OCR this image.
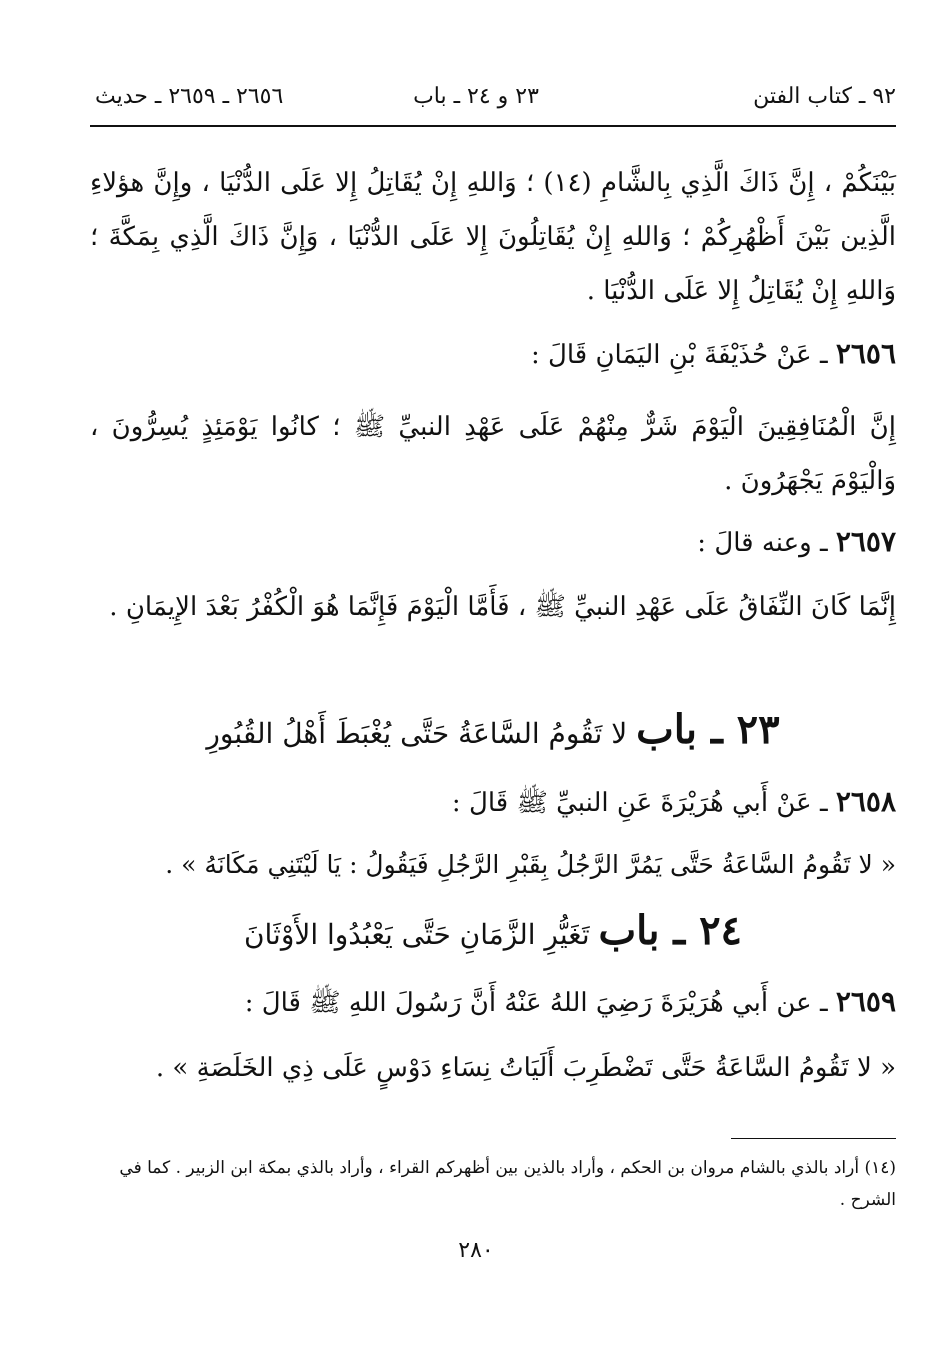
٩٢ ـ كتاب الفتن
٢٣ و ٢٤ ـ باب
٢٦٥٦ ـ ٢٦٥٩ ـ حديث
بَيْنَكُمْ ، إِنَّ ذَاكَ الَّذِي بِالشَّامِ (١٤) ؛ وَاللهِ إِنْ يُقَاتِلُ إِلا عَلَى الدُّنْيَا ، وإِنَّ هؤلاءِ الَّذِين بَيْنَ أَظْهُرِكُمْ ؛ وَاللهِ إِنْ يُقَاتِلُونَ إِلا عَلَى الدُّنْيَا ، وَإِنَّ ذَاكَ الَّذِي بِمَكَّةَ ؛ وَاللهِ إِنْ يُقَاتِلُ إِلا عَلَى الدُّنْيَا .
٢٦٥٦ ـ عَنْ حُذَيْفَةَ بْنِ اليَمَانِ قَالَ :
إِنَّ الْمُنَافِقِينَ الْيَوْمَ شَرٌّ مِنْهُمْ عَلَى عَهْدِ النبيِّ ﷺ ؛ كانُوا يَوْمَئِذٍ يُسِرُّونَ ، وَالْيَوْمَ يَجْهَرُونَ .
٢٦٥٧ ـ وعنه قالَ :
إِنَّمَا كَانَ النِّفَاقُ عَلَى عَهْدِ النبيِّ ﷺ ، فَأَمَّا الْيَوْمَ فَإِنَّمَا هُوَ الْكُفْرُ بَعْدَ الإِيمَانِ .
٢٣ ـ باب لا تَقُومُ السَّاعَةُ حَتَّى يُغْبَطَ أَهْلُ القُبُورِ
٢٦٥٨ ـ عَنْ أَبي هُرَيْرَةَ عَنِ النبيِّ ﷺ قَالَ :
« لا تَقُومُ السَّاعَةُ حَتَّى يَمُرَّ الرَّجُلُ بِقَبْرِ الرَّجُلِ فَيَقُولُ : يَا لَيْتَنِي مَكَانَهُ » .
٢٤ ـ باب تَغَيُّرِ الزَّمَانِ حَتَّى يَعْبُدُوا الأَوْثَانَ
٢٦٥٩ ـ عن أَبي هُرَيْرَةَ رَضِيَ اللهُ عَنْهُ أَنَّ رَسُولَ اللهِ ﷺ قَالَ :
« لا تَقُومُ السَّاعَةُ حَتَّى تَضْطَرِبَ أَلَيَاتُ نِسَاءِ دَوْسٍ عَلَى ذِي الخَلَصَةِ » .
(١٤) أراد بالذي بالشام مروان بن الحكم ، وأراد بالذين بين أظهركم القراء ، وأراد بالذي بمكة ابن الزبير . كما في الشرح .
٢٨٠
